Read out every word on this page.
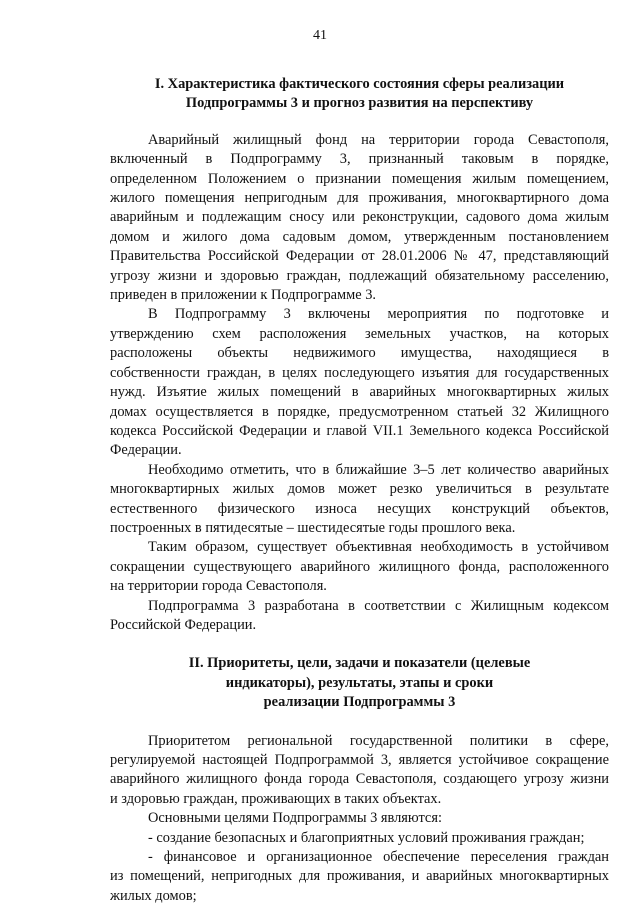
41
I. Характеристика фактического состояния сферы реализации
Подпрограммы 3 и прогноз развития на перспективу

Аварийный жилищный фонд на территории города Севастополя,
включенный в Подпрограмму 3, признанный таковым в порядке,
определенном Положением о признании помещения жилым помещением,
жилого помещения непригодным для проживания, многоквартирного дома
аварийным и подлежащим сносу или реконструкции, садового дома жилым
домом и жилого дома садовым домом, утвержденным постановлением
Правительства Российской Федерации от 28.01.2006 № 47, представляющий
угрозу жизни и здоровью граждан, подлежащий обязательному расселению,
приведен в приложении к Подпрограмме 3.

В Подпрограмму 3 включены мероприятия по подготовке и
утверждению схем расположения земельных участков, на которых
расположены объекты недвижимого имущества, находящиеся в
собственности граждан, в целях последующего изъятия для государственных
нужд. Изъятие жилых помещений в аварийных многоквартирных жилых
домах осуществляется в порядке, предусмотренном статьей 32 Жилищного
кодекса Российской Федерации и главой VII.1 Земельного кодекса Российской
Федерации.

Необходимо отметить, что в ближайшие 3–5 лет количество аварийных
многоквартирных жилых домов может резко увеличиться в результате
естественного физического износа несущих конструкций объектов,
построенных в пятидесятые – шестидесятые годы прошлого века.

Таким образом, существует объективная необходимость в устойчивом
сокращении существующего аварийного жилищного фонда, расположенного
на территории города Севастополя.

Подпрограмма 3 разработана в соответствии с Жилищным кодексом
Российской Федерации.

II. Приоритеты, цели, задачи и показатели (целевые
индикаторы), результаты, этапы и сроки
реализации Подпрограммы 3

Приоритетом региональной государственной политики в сфере,
регулируемой настоящей Подпрограммой 3, является устойчивое сокращение
аварийного жилищного фонда города Севастополя, создающего угрозу жизни
и здоровью граждан, проживающих в таких объектах.

Основными целями Подпрограммы 3 являются:

- создание безопасных и благоприятных условий проживания граждан;

- финансовое и организационное обеспечение переселения граждан
из помещений, непригодных для проживания, и аварийных многоквартирных
жилых домов;
